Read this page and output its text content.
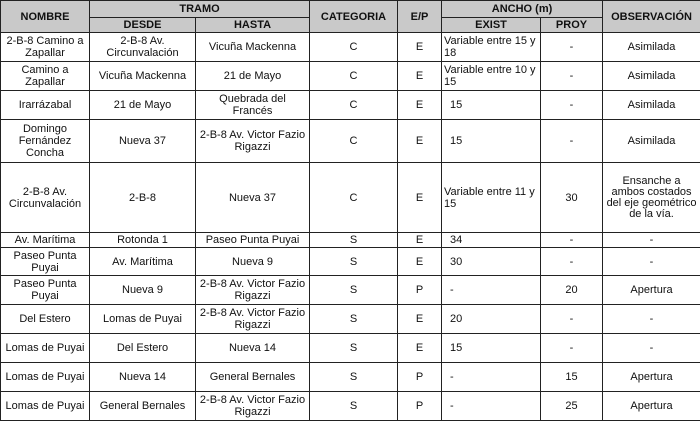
NOMBRE	TRAMO		CATEGORIA	E/P	ANCHO (m)		OBSERVACIÓN
	DESDE	HASTA			EXIST	PROY	
2-B-8 Camino a Zapallar	2-B-8 Av. Circunvalación	Vicuña Mackenna	C	E	Variable entre 15 y 18	-	Asimilada
Camino a Zapallar	Vicuña Mackenna	21 de Mayo	C	E	Variable entre 10 y 15	-	Asimilada
Irarrázabal	21 de Mayo	Quebrada del Francés	C	E	15	-	Asimilada
Domingo Fernández Concha	Nueva 37	2-B-8 Av. Victor Fazio Rigazzi	C	E	15	-	Asimilada
2-B-8 Av. Circunvalación	2-B-8	Nueva 37	C	E	Variable entre 11 y 15	30	Ensanche a ambos costados del eje geométrico de la vía.
Av. Marítima	Rotonda 1	Paseo Punta Puyai	S	E	34	-	-
Paseo Punta Puyai	Av. Marítima	Nueva 9	S	E	30	-	-
Paseo Punta Puyai	Nueva 9	2-B-8 Av. Victor Fazio Rigazzi	S	P	-	20	Apertura
Del Estero	Lomas de Puyai	2-B-8 Av. Victor Fazio Rigazzi	S	E	20	-	-
Lomas de Puyai	Del Estero	Nueva 14	S	E	15	-	-
Lomas de Puyai	Nueva 14	General Bernales	S	P	-	15	Apertura
Lomas de Puyai	General Bernales	2-B-8 Av. Victor Fazio Rigazzi	S	P	-	25	Apertura
